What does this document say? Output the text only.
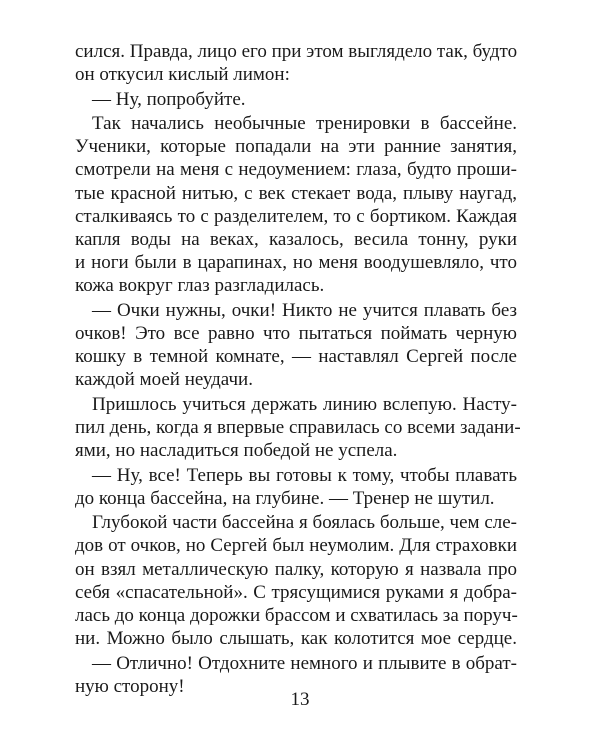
сился. Правда, лицо его при этом выглядело так, будто
он откусил кислый лимон:
— Ну, попробуйте.
Так начались необычные тренировки в бассейне.
Ученики, которые попадали на эти ранние занятия,
смотрели на меня с недоумением: глаза, будто проши-
тые красной нитью, с век стекает вода, плыву наугад,
сталкиваясь то с разделителем, то с бортиком. Каждая
капля воды на веках, казалось, весила тонну, руки
и ноги были в царапинах, но меня воодушевляло, что
кожа вокруг глаз разгладилась.
— Очки нужны, очки! Никто не учится плавать без
очков! Это все равно что пытаться поймать черную
кошку в темной комнате, — наставлял Сергей после
каждой моей неудачи.
Пришлось учиться держать линию вслепую. Насту-
пил день, когда я впервые справилась со всеми задани-
ями, но насладиться победой не успела.
— Ну, все! Теперь вы готовы к тому, чтобы плавать
до конца бассейна, на глубине. — Тренер не шутил.
Глубокой части бассейна я боялась больше, чем сле-
дов от очков, но Сергей был неумолим. Для страховки
он взял металлическую палку, которую я назвала про
себя «спасательной». С трясущимися руками я добра-
лась до конца дорожки брассом и схватилась за поруч-
ни. Можно было слышать, как колотится мое сердце.
— Отлично! Отдохните немного и плывите в обрат-
ную сторону!
13
